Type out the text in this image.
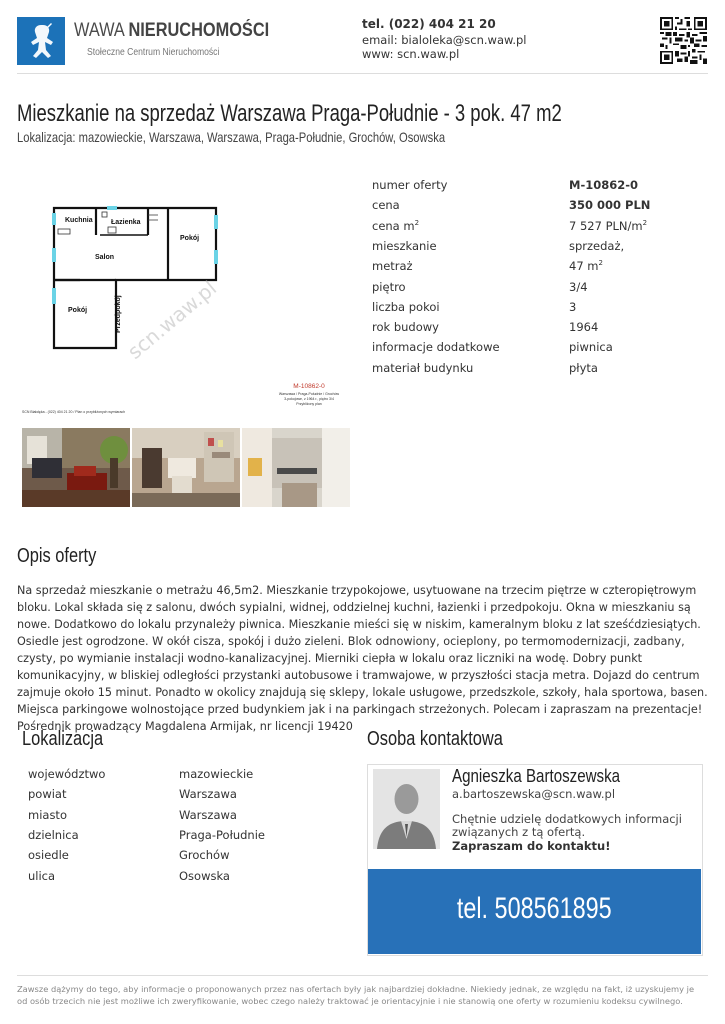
WAWA NIERUCHOMOŚCI
Stołeczne Centrum Nieruchomości
tel. (022) 404 21 20
email: bialoleka@scn.waw.pl
www: scn.waw.pl
Mieszkanie na sprzedaż Warszawa Praga-Południe - 3 pok. 47 m2
Lokalizacja: mazowieckie, Warszawa, Warszawa, Praga-Południe, Grochów, Osowska
Kuchnia	Łazienka
Pokój
Salon
Pokój	Przedpokój scn.waw.pl
M-10862-0
Warszawa / Praga-Południe / Grochów
3-pokojowe, z 1964 r., piętro 3/4
Przybliżony plan
SCN Białołęka - (022) 404 21 20 / Plan o przybliżonych wymiarach
numer oferty	M-10862-0
cena	350 000 PLN
cena $m^2$	7 527 PLN/$m^2$
mieszkanie	sprzedaż,
metraż	47 $m^2$
piętro	3/4
liczba pokoi	3
rok budowy	1964
informacje dodatkowe	piwnica
materiał budynku	płyta
Opis oferty
Na sprzedaż mieszkanie o metrażu 46,5m2. Mieszkanie trzypokojowe, usytuowane na trzecim piętrze w czteropiętrowym bloku. Lokal składa się z salonu, dwóch sypialni, widnej, oddzielnej kuchni, łazienki i przedpokoju. Okna w mieszkaniu są nowe. Dodatkowo do lokalu przynależy piwnica. Mieszkanie mieści się w niskim, kameralnym bloku z lat sześćdziesiątych. Osiedle jest ogrodzone. W okół cisza, spokój i dużo zieleni. Blok odnowiony, ocieplony, po termomodernizacji, zadbany, czysty, po wymianie instalacji wodno-kanalizacyjnej. Mierniki ciepła w lokalu oraz liczniki na wodę. Dobry punkt komunikacyjny, w bliskiej odległości przystanki autobusowe i tramwajowe, w przyszłości stacja metra. Dojazd do centrum zajmuje około 15 minut. Ponadto w okolicy znajdują się sklepy, lokale usługowe, przedszkole, szkoły, hala sportowa, basen. Miejsca parkingowe wolnostojące przed budynkiem jak i na parkingach strzeżonych. Polecam i zapraszam na prezentacje! Pośrednik prowadzący Magdalena Armijak, nr licencji 19420
Lokalizacja
województwo	mazowieckie
powiat	Warszawa
miasto	Warszawa
dzielnica	Praga-Południe
osiedle	Grochów
ulica	Osowska
Osoba kontaktowa
Agnieszka Bartoszewska
a.bartoszewska@scn.waw.pl
Chętnie udzielę dodatkowych informacji
związanych z tą ofertą.
Zapraszam do kontaktu!
tel. 508561895
Zawsze dążymy do tego, aby informacje o proponowanych przez nas ofertach były jak najbardziej dokładne. Niekiedy jednak, ze względu na fakt, iż uzyskujemy je od osób trzecich nie jest możliwe ich zweryfikowanie, wobec czego należy traktować je orientacyjnie i nie stanowią one oferty w rozumieniu kodeksu cywilnego.
